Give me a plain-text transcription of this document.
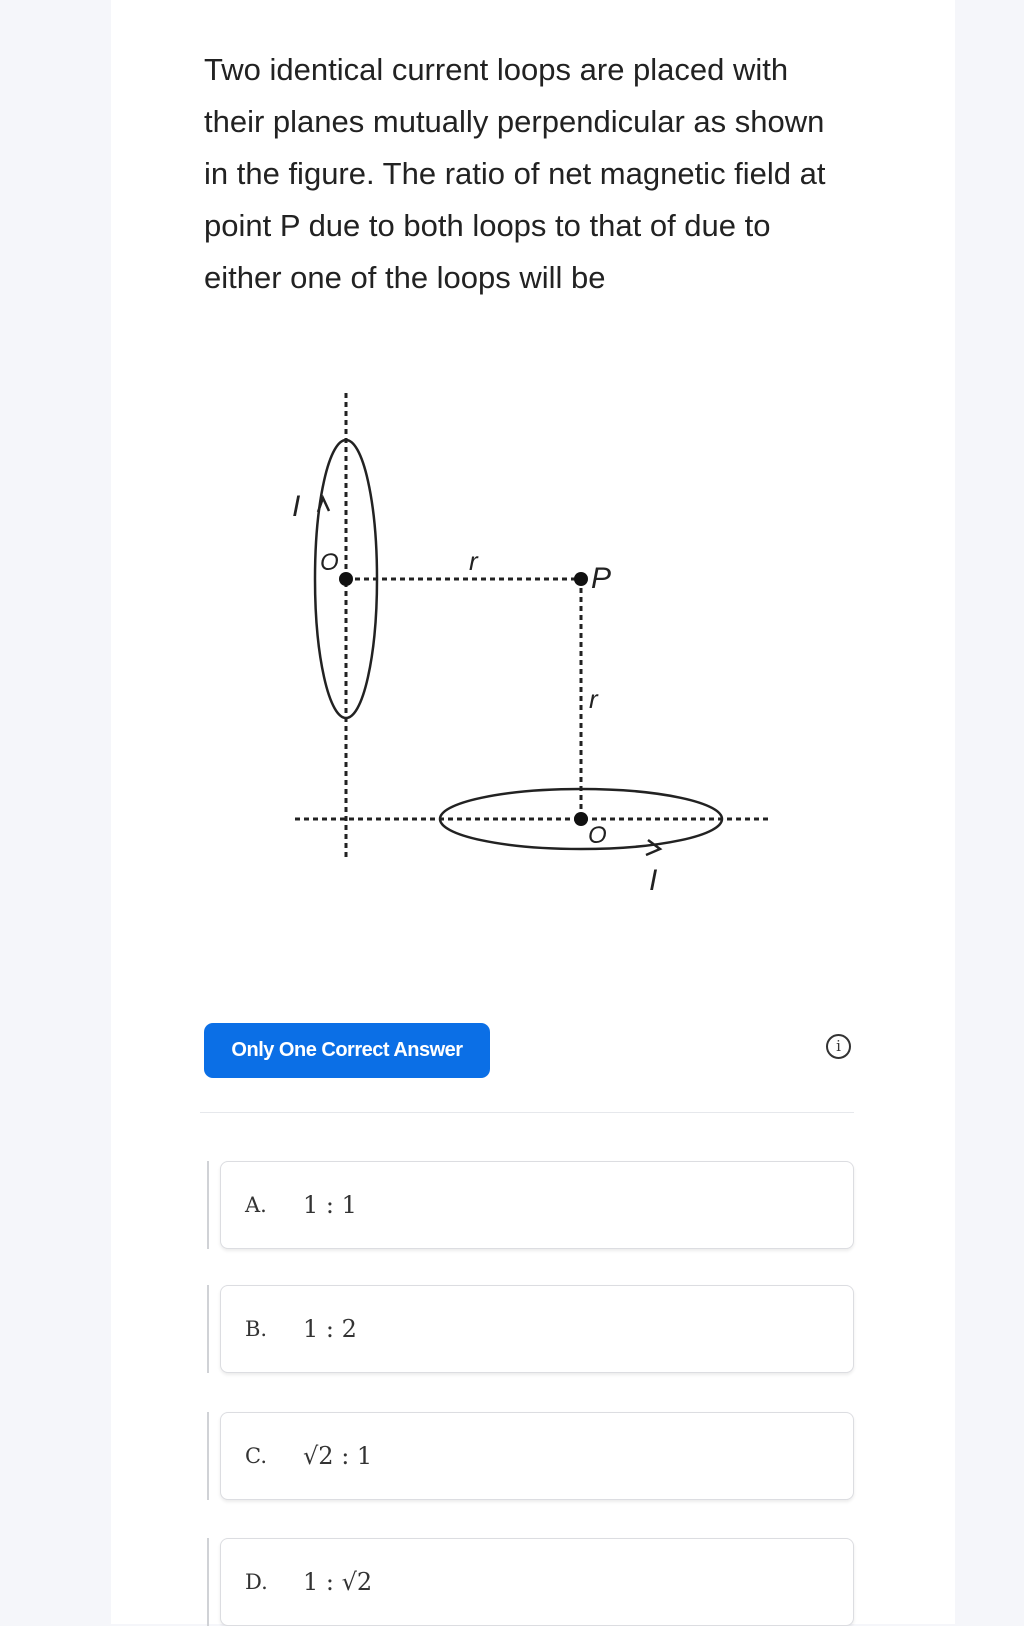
Two identical current loops are placed with their planes mutually perpendicular as shown in the figure. The ratio of net magnetic field at point P due to both loops to that of due to either one of the loops will be
I
I
O
O
P
r
r
Only One Correct Answer	i
A.	1 : 1
B.	1 : 2
C.	√2 : 1
D.	1 : √2
